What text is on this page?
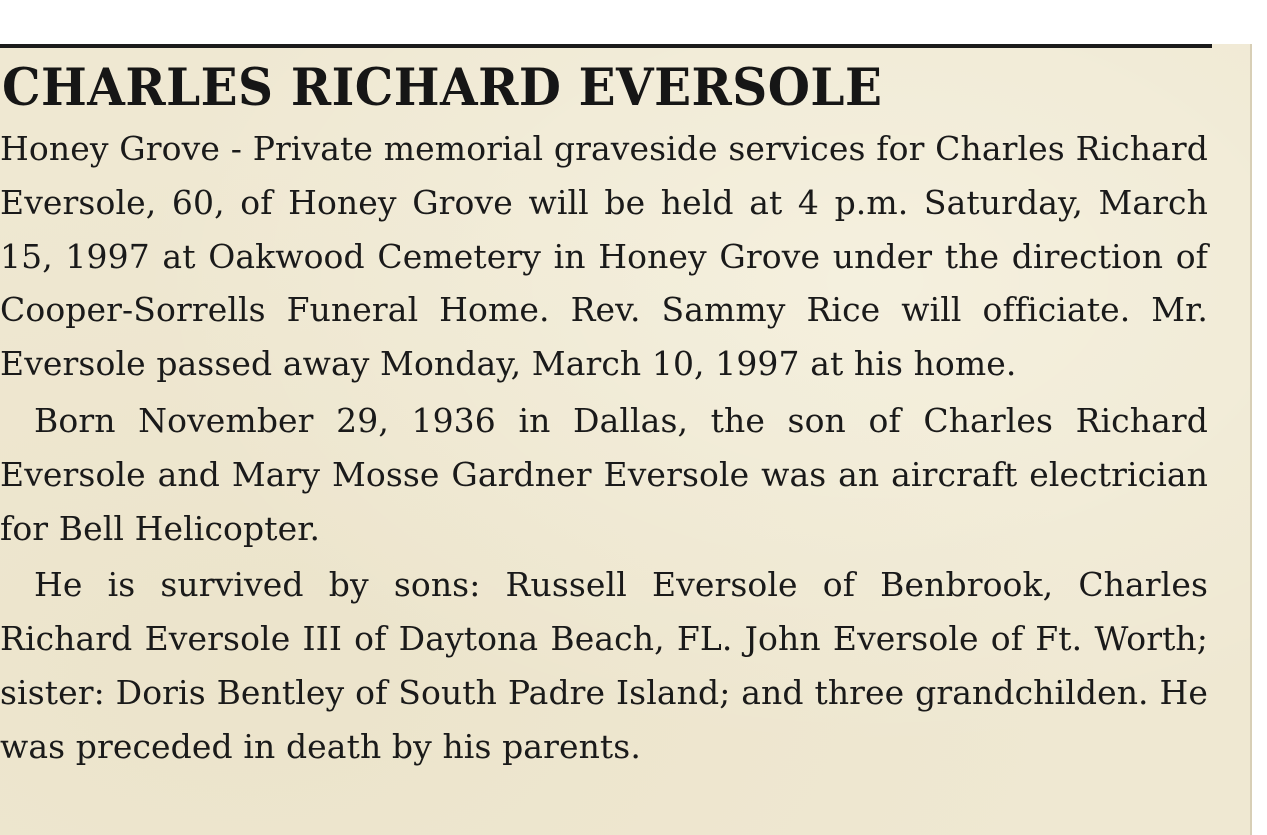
CHARLES RICHARD EVERSOLE

Honey Grove - Private memorial graveside services for Charles Richard Eversole, 60, of Honey Grove will be held at 4 p.m. Saturday, March 15, 1997 at Oakwood Cemetery in Honey Grove under the direction of Cooper-Sorrells Funeral Home. Rev. Sammy Rice will officiate. Mr. Eversole passed away Monday, March 10, 1997 at his home.

Born November 29, 1936 in Dallas, the son of Charles Richard Eversole and Mary Mosse Gardner Eversole was an aircraft electrician for Bell Helicopter.

He is survived by sons: Russell Eversole of Benbrook, Charles Richard Eversole III of Daytona Beach, FL. John Eversole of Ft. Worth; sister: Doris Bentley of South Padre Island; and three grandchilden. He was preceded in death by his parents.
